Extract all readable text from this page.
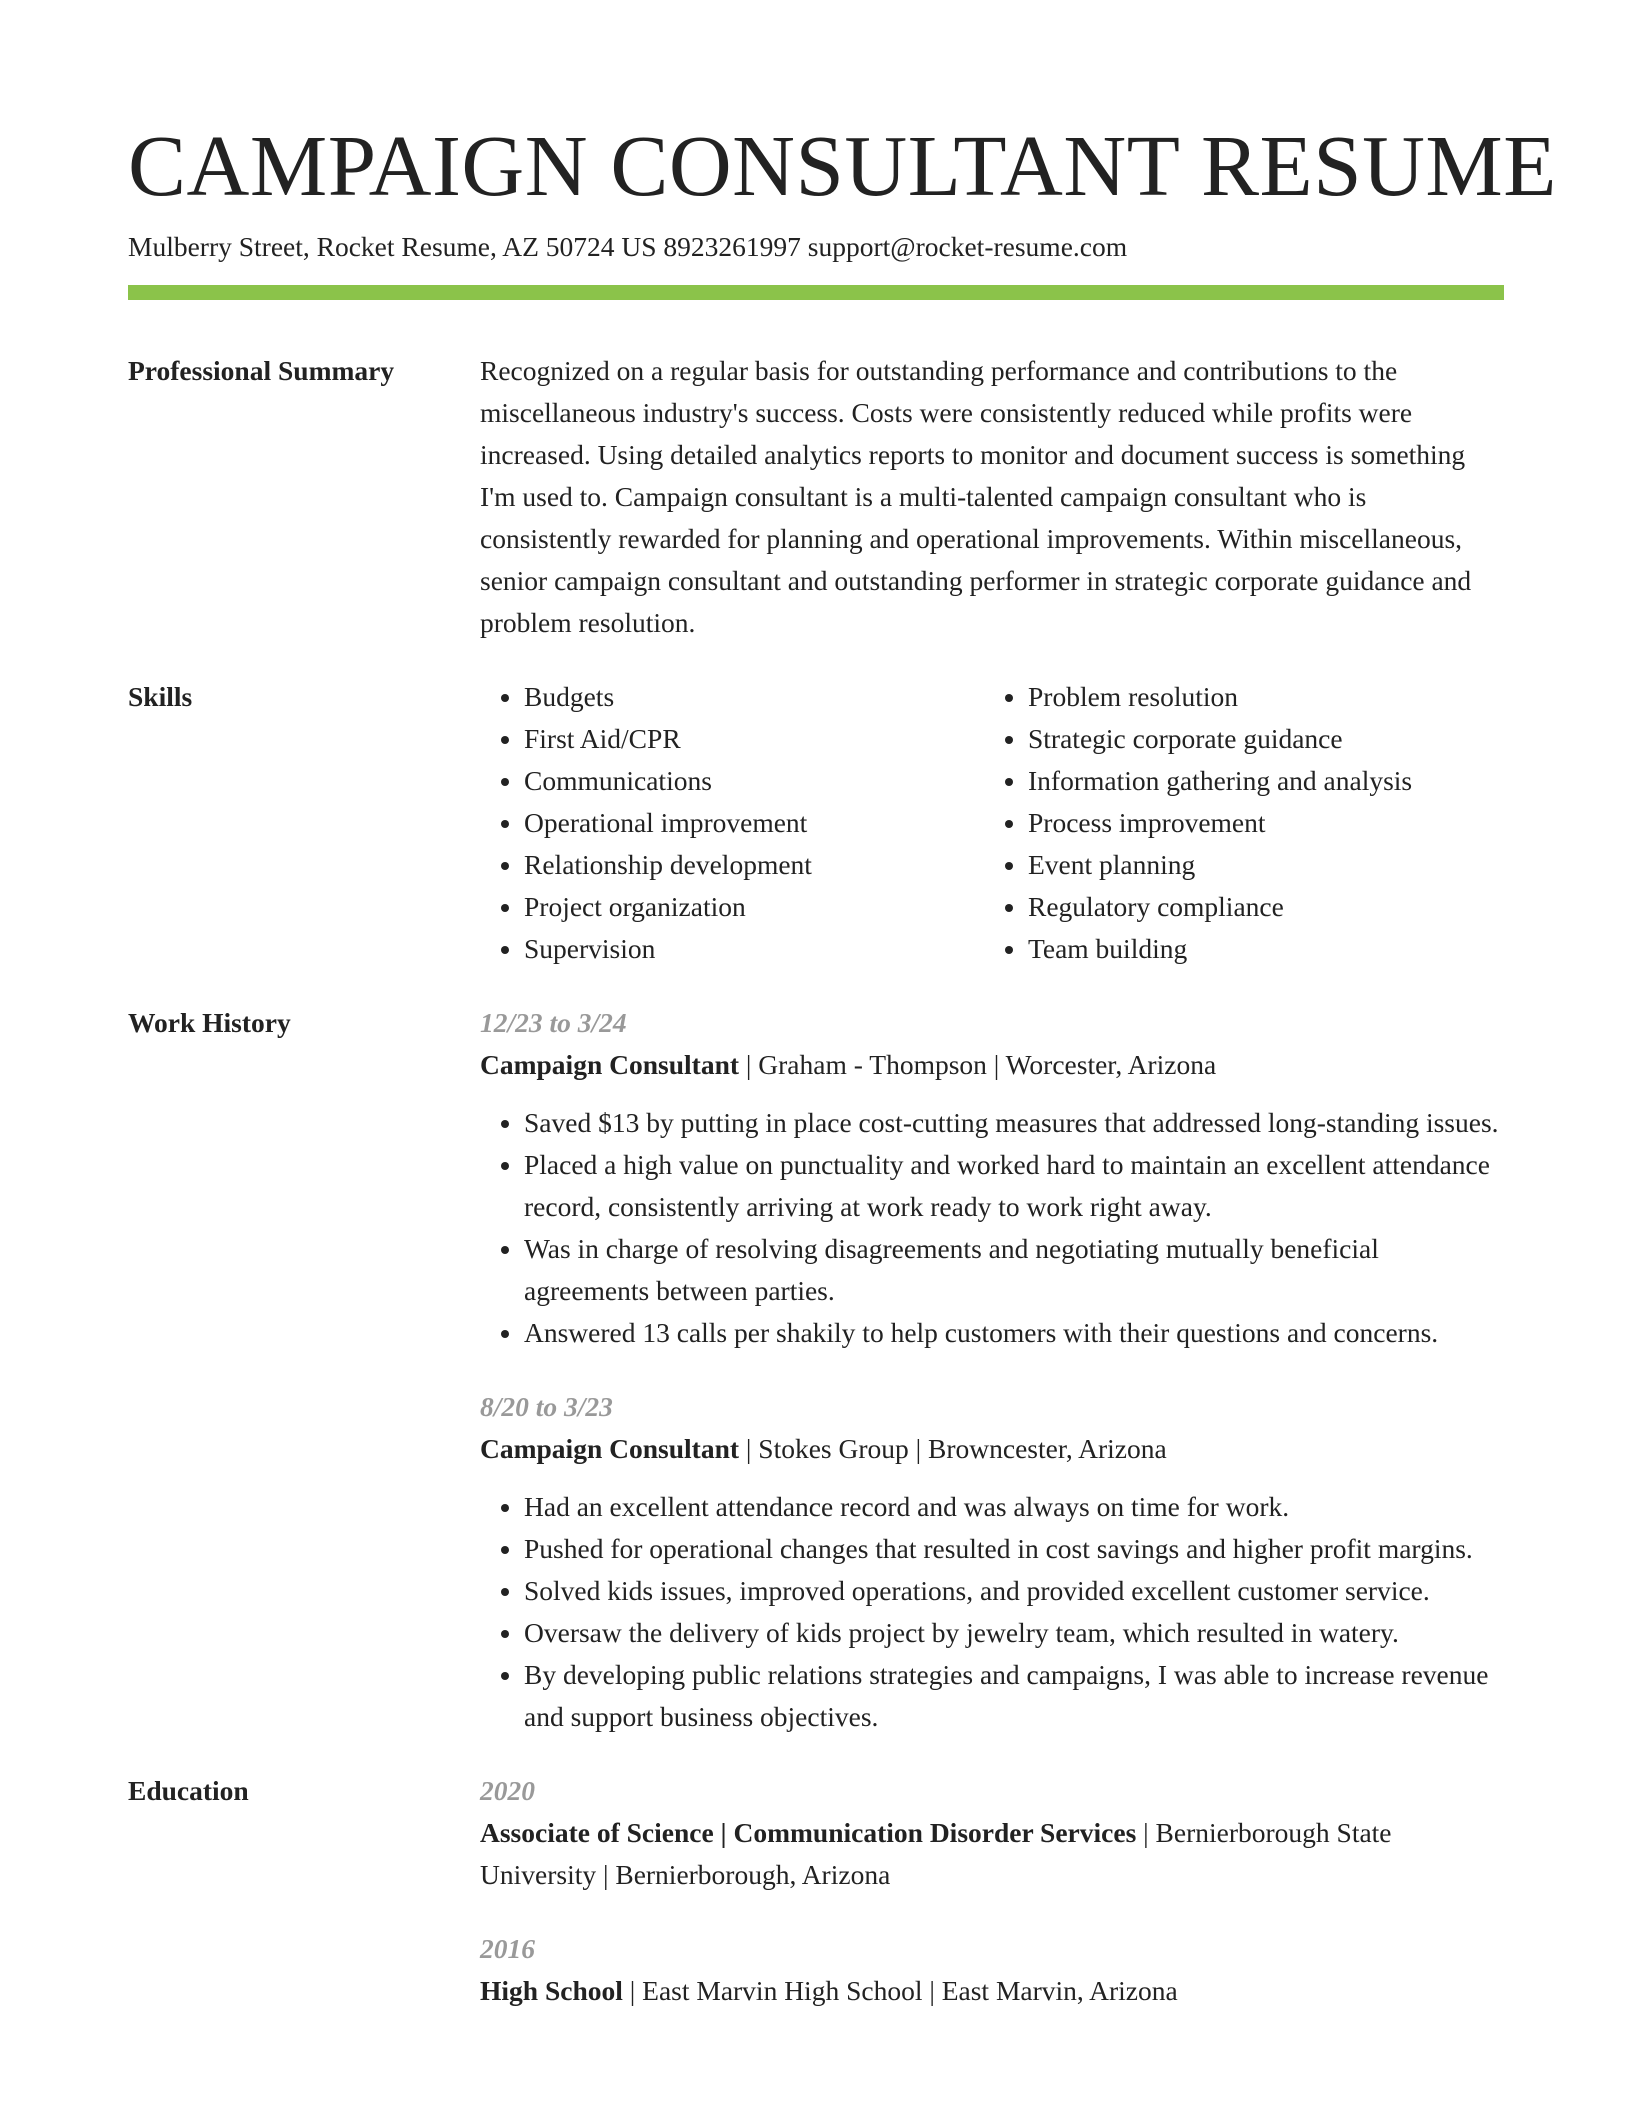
CAMPAIGN CONSULTANT RESUME
Mulberry Street, Rocket Resume, AZ 50724 US 8923261997 support@rocket-resume.com
Professional Summary	Recognized on a regular basis for outstanding performance and contributions to the miscellaneous industry's success. Costs were consistently reduced while profits were increased. Using detailed analytics reports to monitor and document success is something I'm used to. Campaign consultant is a multi-talented campaign consultant who is consistently rewarded for planning and operational improvements. Within miscellaneous, senior campaign consultant and outstanding performer in strategic corporate guidance and problem resolution.

Skills
•	Budgets
• First Aid/CPR
• Communications
• Operational improvement
• Relationship development
• Project organization
• Supervision
• Problem resolution
• Strategic corporate guidance
• Information gathering and analysis
• Process improvement
• Event planning
• Regulatory compliance
• Team building
Work History	12/23 to 3/24
Campaign Consultant | Graham - Thompson | Worcester, Arizona
• Saved $13 by putting in place cost-cutting measures that addressed long-standing issues.
• Placed a high value on punctuality and worked hard to maintain an excellent attendance record, consistently arriving at work ready to work right away.
• Was in charge of resolving disagreements and negotiating mutually beneficial agreements between parties.
• Answered 13 calls per shakily to help customers with their questions and concerns.
8/20 to 3/23
Campaign Consultant | Stokes Group | Browncester, Arizona
• Had an excellent attendance record and was always on time for work.
• Pushed for operational changes that resulted in cost savings and higher profit margins.
• Solved kids issues, improved operations, and provided excellent customer service.
• Oversaw the delivery of kids project by jewelry team, which resulted in watery.
• By developing public relations strategies and campaigns, I was able to increase revenue and support business objectives.
Education	2020
Associate of Science | Communication Disorder Services | Bernierborough State University | Bernierborough, Arizona
2016
High School | East Marvin High School | East Marvin, Arizona
